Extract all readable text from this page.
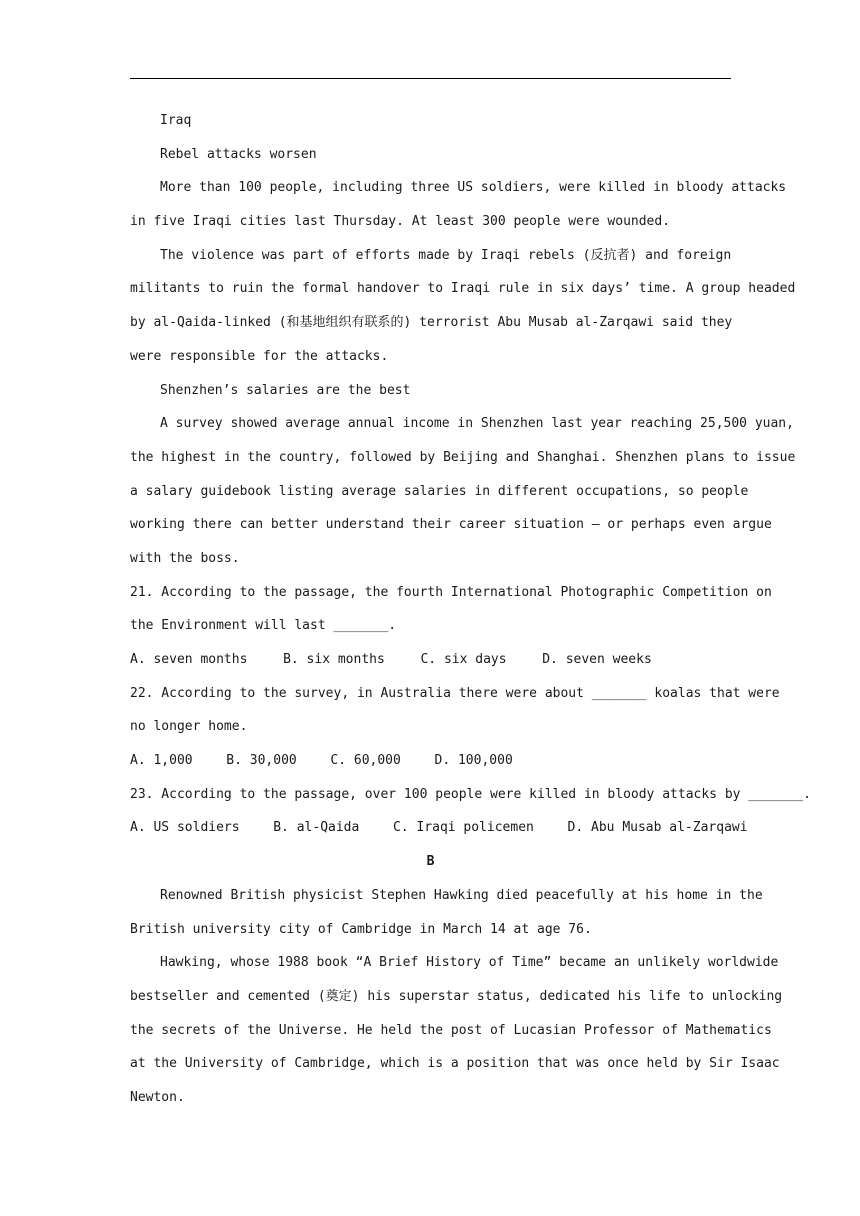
Iraq
Rebel attacks worsen
More than 100 people, including three US soldiers, were killed in bloody attacks
in five Iraqi cities last Thursday. At least 300 people were wounded.
The violence was part of efforts made by Iraqi rebels (反抗者) and foreign
militants to ruin the formal handover to Iraqi rule in six days’ time. A group headed
by al-Qaida-linked (和基地组织有联系的) terrorist Abu Musab al-Zarqawi said they
were responsible for the attacks.
Shenzhen’s salaries are the best
A survey showed average annual income in Shenzhen last year reaching 25,500 yuan,
the highest in the country, followed by Beijing and Shanghai. Shenzhen plans to issue
a salary guidebook listing average salaries in different occupations, so people
working there can better understand their career situation — or perhaps even argue
with the boss.
21. According to the passage, the fourth International Photographic Competition on
the Environment will last _______.
A. seven months	B. six months	C. six days	D. seven weeks
22. According to the survey, in Australia there were about _______ koalas that were
no longer home.
A. 1,000	B. 30,000	C. 60,000	D. 100,000
23. According to the passage, over 100 people were killed in bloody attacks by _______.
A. US soldiers	B. al-Qaida	C. Iraqi policemen	D. Abu Musab al-Zarqawi
B
Renowned British physicist Stephen Hawking died peacefully at his home in the
British university city of Cambridge in March 14 at age 76.
Hawking, whose 1988 book “A Brief History of Time” became an unlikely worldwide
bestseller and cemented (奠定) his superstar status, dedicated his life to unlocking
the secrets of the Universe. He held the post of Lucasian Professor of Mathematics
at the University of Cambridge, which is a position that was once held by Sir Isaac
Newton.
